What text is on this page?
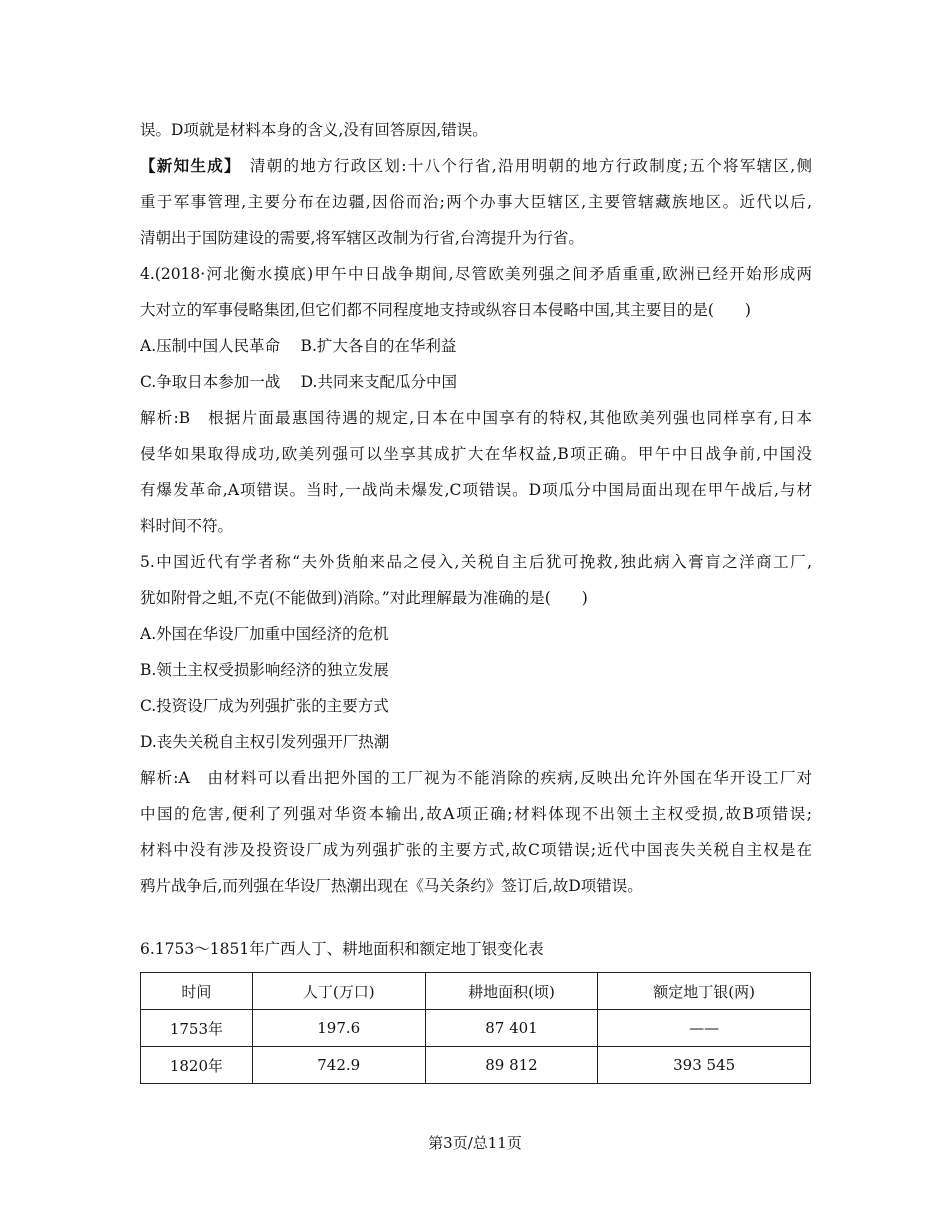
误。D项就是材料本身的含义,没有回答原因,错误。
【新知生成】　 清朝的地方行政区划:十八个行省,沿用明朝的地方行政制度;五个将军辖区,侧
重于军事管理,主要分布在边疆,因俗而治;两个办事大臣辖区,主要管辖藏族地区。近代以后,
清朝出于国防建设的需要,将军辖区改制为行省,台湾提升为行省。
4.(2018·河北衡水摸底)甲午中日战争期间,尽管欧美列强之间矛盾重重,欧洲已经开始形成两
大对立的军事侵略集团,但它们都不同程度地支持或纵容日本侵略中国,其主要目的是(　　)
A.压制中国人民革命　 B.扩大各自的在华利益
C.争取日本参加一战　 D.共同来支配瓜分中国
解析:B　根据片面最惠国待遇的规定,日本在中国享有的特权,其他欧美列强也同样享有,日本
侵华如果取得成功,欧美列强可以坐享其成扩大在华权益,B项正确。甲午中日战争前,中国没
有爆发革命,A项错误。当时,一战尚未爆发,C项错误。D项瓜分中国局面出现在甲午战后,与材
料时间不符。
5.中国近代有学者称“夫外货舶来品之侵入,关税自主后犹可挽救,独此病入膏肓之洋商工厂,
犹如附骨之蛆,不克(不能做到)消除。”对此理解最为准确的是(　　)
A.外国在华设厂加重中国经济的危机
B.领土主权受损影响经济的独立发展
C.投资设厂成为列强扩张的主要方式
D.丧失关税自主权引发列强开厂热潮
解析:A　由材料可以看出把外国的工厂视为不能消除的疾病,反映出允许外国在华开设工厂对
中国的危害,便利了列强对华资本输出,故A项正确;材料体现不出领土主权受损,故B项错误;
材料中没有涉及投资设厂成为列强扩张的主要方式,故C项错误;近代中国丧失关税自主权是在
鸦片战争后,而列强在华设厂热潮出现在《马关条约》签订后,故D项错误。
6.1753～1851年广西人丁、耕地面积和额定地丁银变化表
时间	人丁(万口)	耕地面积(顷)	额定地丁银(两)
1753年	197.6	87 401	——
1820年	742.9	89 812	393 545
第3页/总11页
